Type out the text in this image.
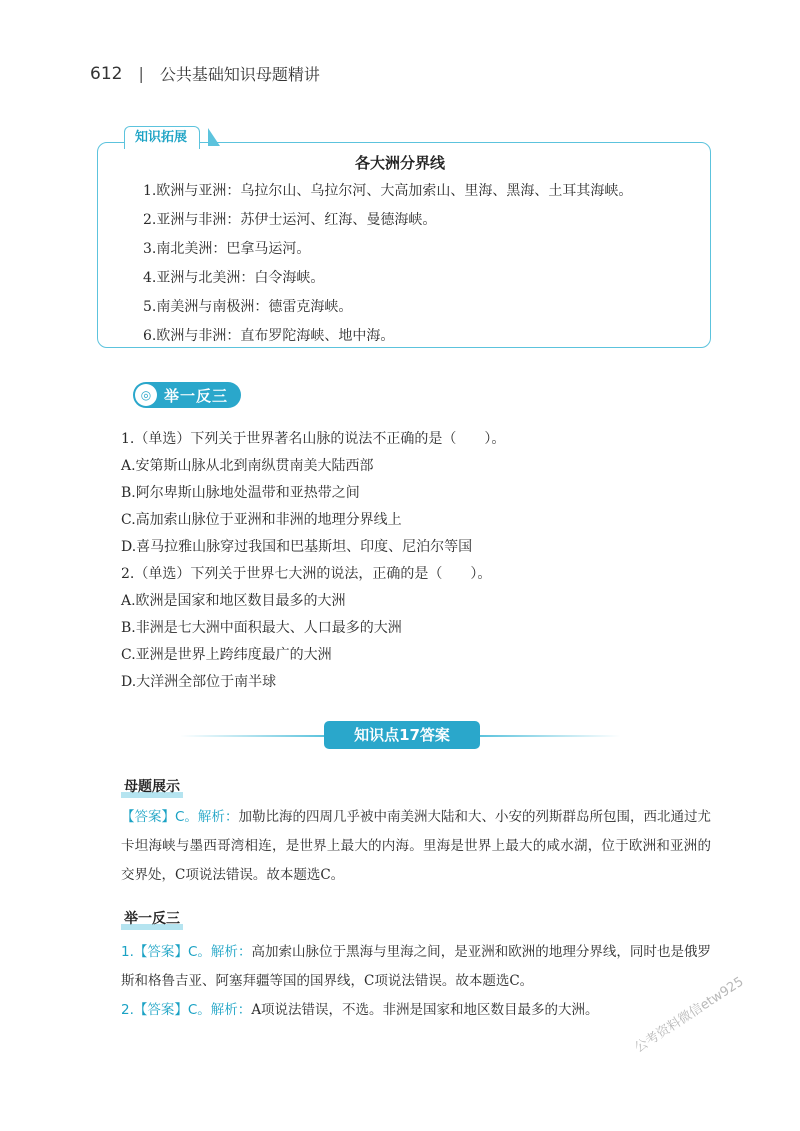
612 | 公共基础知识母题精讲
知识拓展
各大洲分界线
1.欧洲与亚洲：乌拉尔山、乌拉尔河、大高加索山、里海、黑海、土耳其海峡。
2.亚洲与非洲：苏伊士运河、红海、曼德海峡。
3.南北美洲：巴拿马运河。
4.亚洲与北美洲：白令海峡。
5.南美洲与南极洲：德雷克海峡。
6.欧洲与非洲：直布罗陀海峡、地中海。
◎ 举一反三
1.（单选）下列关于世界著名山脉的说法不正确的是（　　）。
A.安第斯山脉从北到南纵贯南美大陆西部
B.阿尔卑斯山脉地处温带和亚热带之间
C.高加索山脉位于亚洲和非洲的地理分界线上
D.喜马拉雅山脉穿过我国和巴基斯坦、印度、尼泊尔等国
2.（单选）下列关于世界七大洲的说法，正确的是（　　）。
A.欧洲是国家和地区数目最多的大洲
B.非洲是七大洲中面积最大、人口最多的大洲
C.亚洲是世界上跨纬度最广的大洲
D.大洋洲全部位于南半球
知识点17答案
母题展示
【答案】C。解析：加勒比海的四周几乎被中南美洲大陆和大、小安的列斯群岛所包围，西北通过尤卡坦海峡与墨西哥湾相连，是世界上最大的内海。里海是世界上最大的咸水湖，位于欧洲和亚洲的交界处，C项说法错误。故本题选C。
举一反三
1.【答案】C。解析：高加索山脉位于黑海与里海之间，是亚洲和欧洲的地理分界线，同时也是俄罗斯和格鲁吉亚、阿塞拜疆等国的国界线，C项说法错误。故本题选C。
2.【答案】C。解析：A项说法错误，不选。非洲是国家和地区数目最多的大洲。	公考资料微信etw925
